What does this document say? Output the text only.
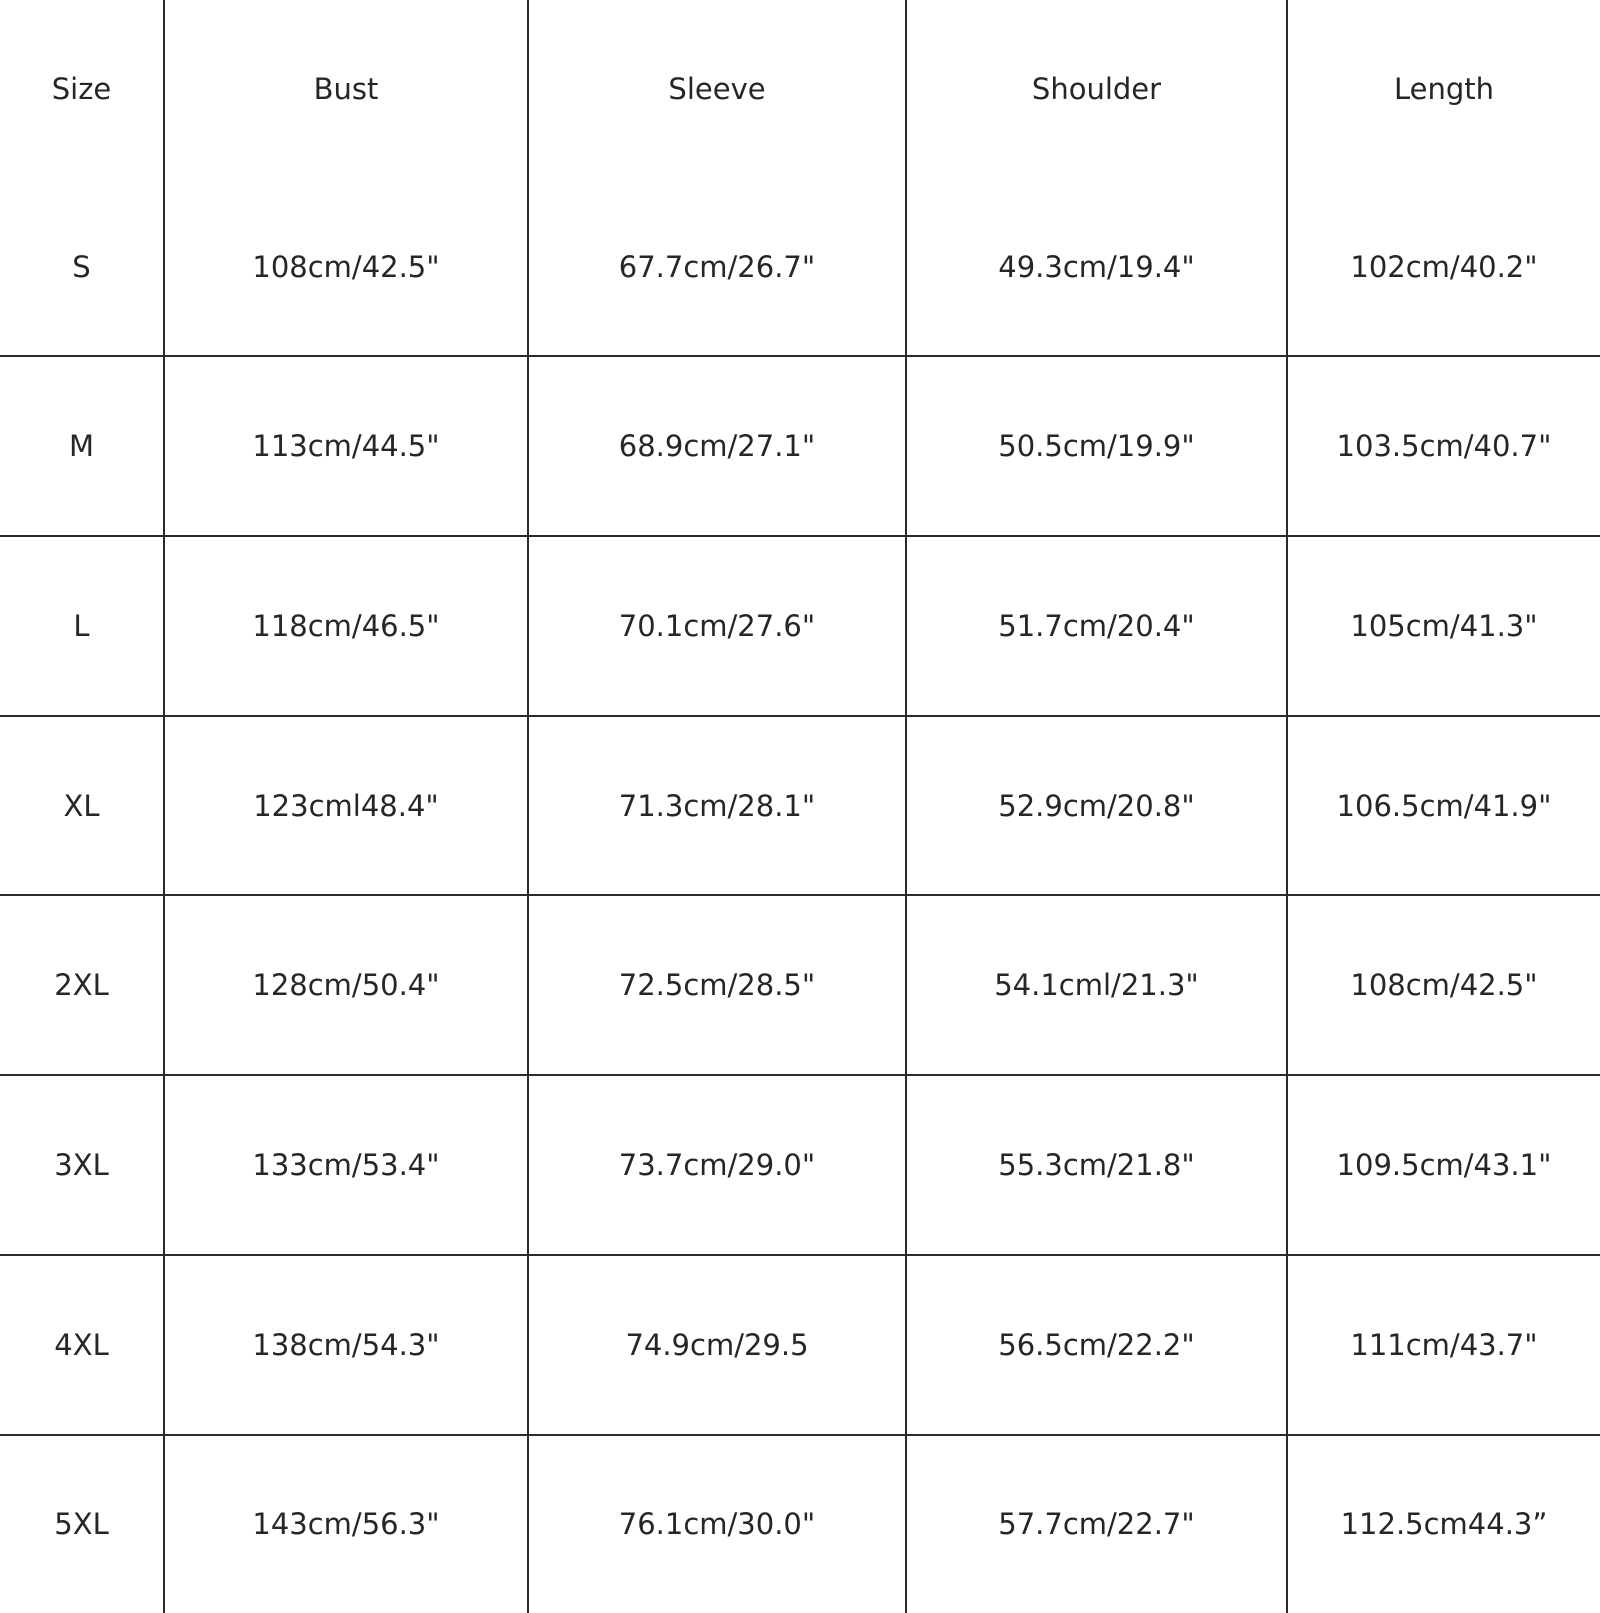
Size	Bust	Sleeve	Shoulder	Length
S	108cm/42.5"	67.7cm/26.7"	49.3cm/19.4"	102cm/40.2"
M	113cm/44.5"	68.9cm/27.1"	50.5cm/19.9"	103.5cm/40.7"
L	118cm/46.5"	70.1cm/27.6"	51.7cm/20.4"	105cm/41.3"
XL	123cml48.4"	71.3cm/28.1"	52.9cm/20.8"	106.5cm/41.9"
2XL	128cm/50.4"	72.5cm/28.5"	54.1cml/21.3"	108cm/42.5"
3XL	133cm/53.4"	73.7cm/29.0"	55.3cm/21.8"	109.5cm/43.1"
4XL	138cm/54.3"	74.9cm/29.5	56.5cm/22.2"	111cm/43.7"
5XL	143cm/56.3"	76.1cm/30.0"	57.7cm/22.7"	112.5cm44.3”
